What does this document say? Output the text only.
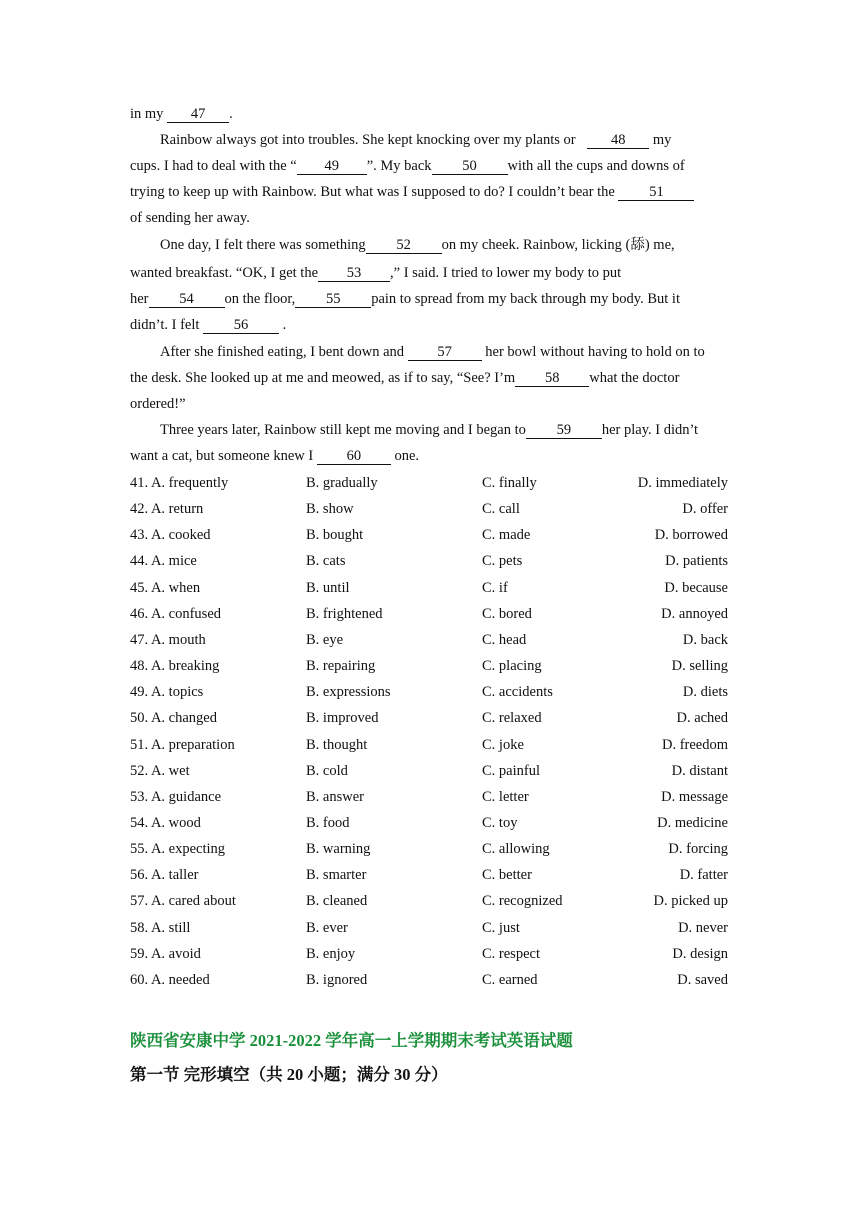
in my 47 .
Rainbow always got into troubles. She kept knocking over my plants or 48 my
cups. I had to deal with the “ 49 ”. My back 50 with all the cups and downs of
trying to keep up with Rainbow. But what was I supposed to do? I couldn’t bear the 51
of sending her away.
One day, I felt there was something 52 on my cheek. Rainbow, licking (舔) me,
wanted breakfast. “OK, I get the 53 ,” I said. I tried to lower my body to put
her 54 on the floor, 55 pain to spread from my back through my body. But it
didn’t. I felt 56 .
After she finished eating, I bent down and 57 her bowl without having to hold on to
the desk. She looked up at me and meowed, as if to say, “See? I’m 58 what the doctor
ordered!”
Three years later, Rainbow still kept me moving and I began to 59 her play. I didn’t
want a cat, but someone knew I 60 one.
41. A. frequently	B. gradually	C. finally	D. immediately
42. A. return	B. show	C. call	D. offer
43. A. cooked	B. bought	C. made	D. borrowed
44. A. mice	B. cats	C. pets	D. patients
45. A. when	B. until	C. if	D. because
46. A. confused	B. frightened	C. bored	D. annoyed
47. A. mouth	B. eye	C. head	D. back
48. A. breaking	B. repairing	C. placing	D. selling
49. A. topics	B. expressions	C. accidents	D. diets
50. A. changed	B. improved	C. relaxed	D. ached
51. A. preparation	B. thought	C. joke	D. freedom
52. A. wet	B. cold	C. painful	D. distant
53. A. guidance	B. answer	C. letter	D. message
54. A. wood	B. food	C. toy	D. medicine
55. A. expecting	B. warning	C. allowing	D. forcing
56. A. taller	B. smarter	C. better	D. fatter
57. A. cared about	B. cleaned	C. recognized	D. picked up
58. A. still	B. ever	C. just	D. never
59. A. avoid	B. enjoy	C. respect	D. design
60. A. needed	B. ignored	C. earned	D. saved
陕西省安康中学 2021-2022 学年高一上学期期末考试英语试题
第一节 完形填空（共 20 小题；满分 30 分）
